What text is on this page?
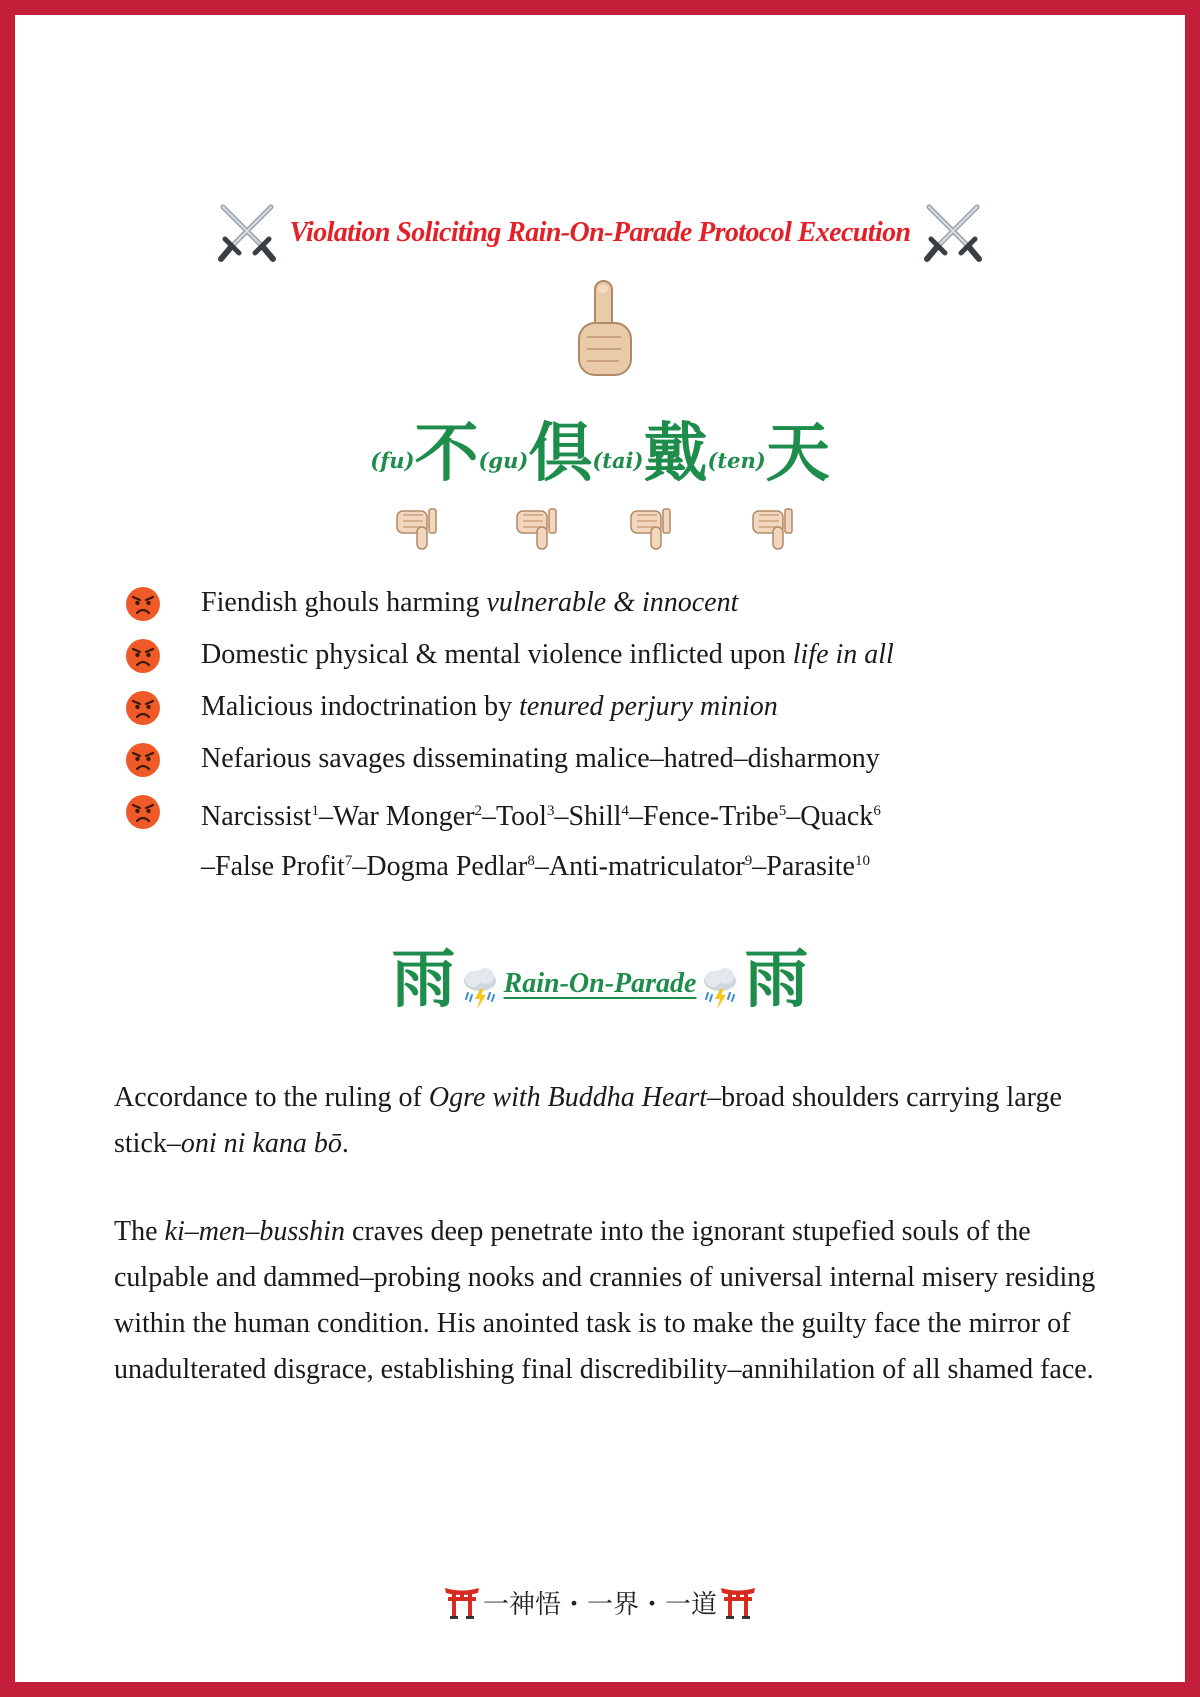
Violation Soliciting Rain-On-Parade Protocol Execution
(fu) 不 (gu) 倶 (tai) 戴 (ten) 天
Fiendish ghouls harming vulnerable & innocent
Domestic physical & mental violence inflicted upon life in all
Malicious indoctrination by tenured perjury minion
Nefarious savages disseminating malice–hatred–disharmony
Narcissist$^1$–War Monger$^2$–Tool$^3$–Shill$^4$–Fence-Tribe$^5$–Quack$^6$
–False Profit$^7$–Dogma Pedlar$^8$–Anti-matriculator$^9$–Parasite$^{10}$
雨 Rain-On-Parade 雨
Accordance to the ruling of Ogre with Buddha Heart–broad shoulders carrying large stick–oni ni kana bō.
The ki–men–busshin craves deep penetrate into the ignorant stupefied souls of the culpable and dammed–probing nooks and crannies of universal internal misery residing within the human condition. His anointed task is to make the guilty face the mirror of unadulterated disgrace, establishing final discredibility–annihilation of all shamed face.
一神悟・一界・一道
